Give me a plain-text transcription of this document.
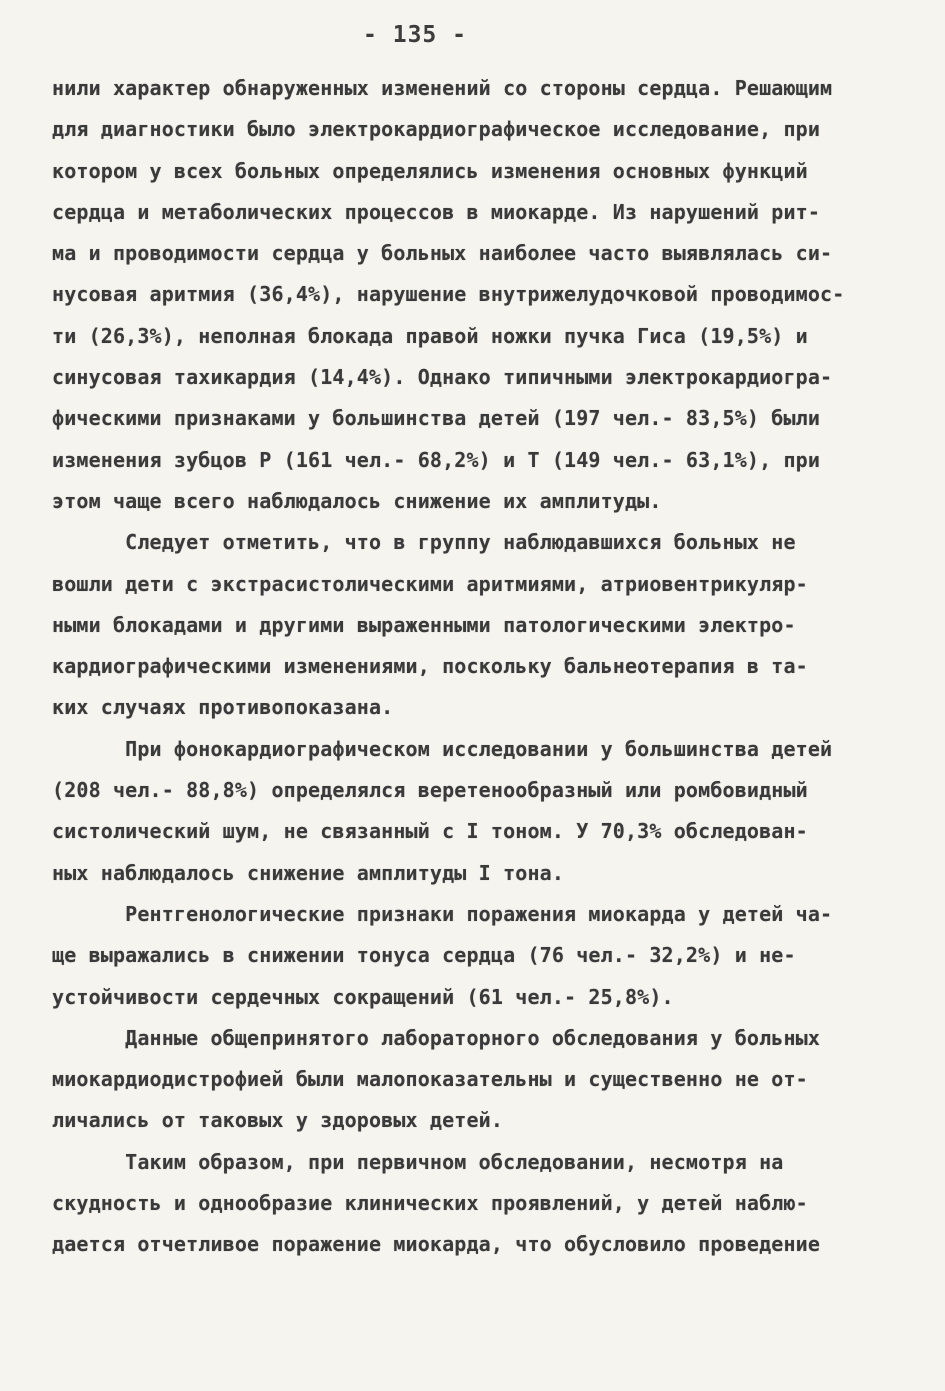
- 135 -
нили характер обнаруженных изменений со стороны сердца. Решающим
для диагностики было электрокардиографическое исследование, при
котором у всех больных определялись изменения основных функций
сердца и метаболических процессов в миокарде. Из нарушений рит-
ма и проводимости сердца у больных наиболее часто выявлялась си-
нусовая аритмия (36,4%), нарушение внутрижелудочковой проводимос-
ти (26,3%), неполная блокада правой ножки пучка Гиса (19,5%) и
синусовая тахикардия (14,4%). Однако типичными электрокардиогра-
фическими признаками у большинства детей (197 чел.- 83,5%) были
изменения зубцов Р (161 чел.- 68,2%) и Т (149 чел.- 63,1%), при
этом чаще всего наблюдалось снижение их амплитуды.
Следует отметить, что в группу наблюдавшихся больных не
вошли дети с экстрасистолическими аритмиями, атриовентрикуляр-
ными блокадами и другими выраженными патологическими электро-
кардиографическими изменениями, поскольку бальнеотерапия в та-
ких случаях противопоказана.
При фонокардиографическом исследовании у большинства детей
(208 чел.- 88,8%) определялся веретенообразный или ромбовидный
систолический шум, не связанный с I тоном. У 70,3% обследован-
ных наблюдалось снижение амплитуды I тона.
Рентгенологические признаки поражения миокарда у детей ча-
ще выражались в снижении тонуса сердца (76 чел.- 32,2%) и не-
устойчивости сердечных сокращений (61 чел.- 25,8%).
Данные общепринятого лабораторного обследования у больных
миокардиодистрофией были малопоказательны и существенно не от-
личались от таковых у здоровых детей.
Таким образом, при первичном обследовании, несмотря на
скудность и однообразие клинических проявлений, у детей наблю-
дается отчетливое поражение миокарда, что обусловило проведение
